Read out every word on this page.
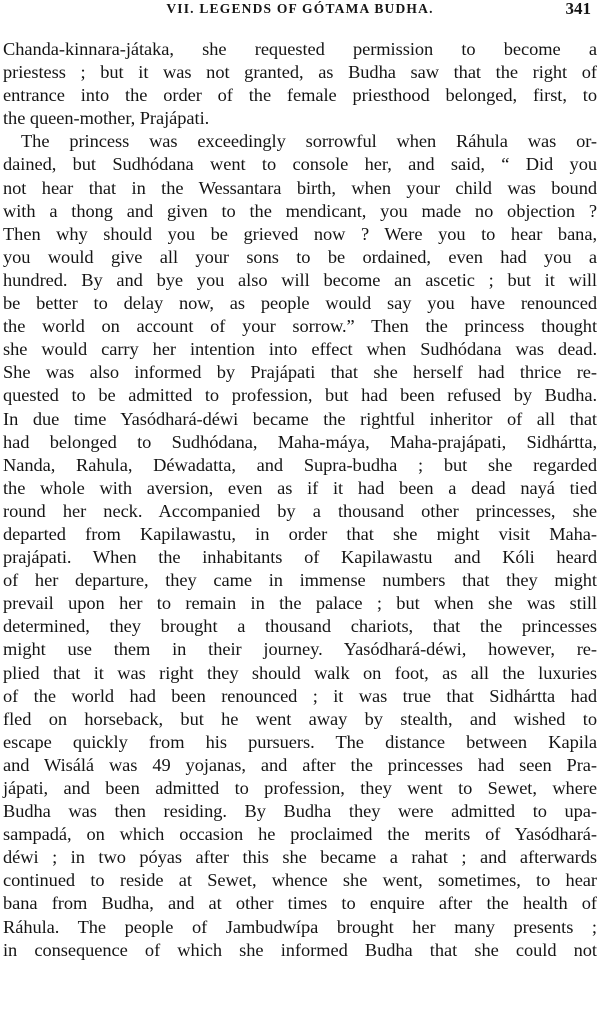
VII. LEGENDS OF GÓTAMA BUDHA.	341
Chanda-kinnara-játaka, she requested permission to become a
priestess ; but it was not granted, as Budha saw that the right of
entrance into the order of the female priesthood belonged, first, to
the queen-mother, Prajápati.
The princess was exceedingly sorrowful when Ráhula was or-
dained, but Sudhódana went to console her, and said, “ Did you
not hear that in the Wessantara birth, when your child was bound
with a thong and given to the mendicant, you made no objection ?
Then why should you be grieved now ? Were you to hear bana,
you would give all your sons to be ordained, even had you a
hundred. By and bye you also will become an ascetic ; but it will
be better to delay now, as people would say you have renounced
the world on account of your sorrow.” Then the princess thought
she would carry her intention into effect when Sudhódana was dead.
She was also informed by Prajápati that she herself had thrice re-
quested to be admitted to profession, but had been refused by Budha.
In due time Yasódhará-déwi became the rightful inheritor of all that
had belonged to Sudhódana, Maha-máya, Maha-prajápati, Sidhártta,
Nanda, Rahula, Déwadatta, and Supra-budha ; but she regarded
the whole with aversion, even as if it had been a dead nayá tied
round her neck. Accompanied by a thousand other princesses, she
departed from Kapilawastu, in order that she might visit Maha-
prajápati. When the inhabitants of Kapilawastu and Kóli heard
of her departure, they came in immense numbers that they might
prevail upon her to remain in the palace ; but when she was still
determined, they brought a thousand chariots, that the princesses
might use them in their journey. Yasódhará-déwi, however, re-
plied that it was right they should walk on foot, as all the luxuries
of the world had been renounced ; it was true that Sidhártta had
fled on horseback, but he went away by stealth, and wished to
escape quickly from his pursuers. The distance between Kapila
and Wisálá was 49 yojanas, and after the princesses had seen Pra-
jápati, and been admitted to profession, they went to Sewet, where
Budha was then residing. By Budha they were admitted to upa-
sampadá, on which occasion he proclaimed the merits of Yasódhará-
déwi ; in two póyas after this she became a rahat ; and afterwards
continued to reside at Sewet, whence she went, sometimes, to hear
bana from Budha, and at other times to enquire after the health of
Ráhula. The people of Jambudwípa brought her many presents ;
in consequence of which she informed Budha that she could not
